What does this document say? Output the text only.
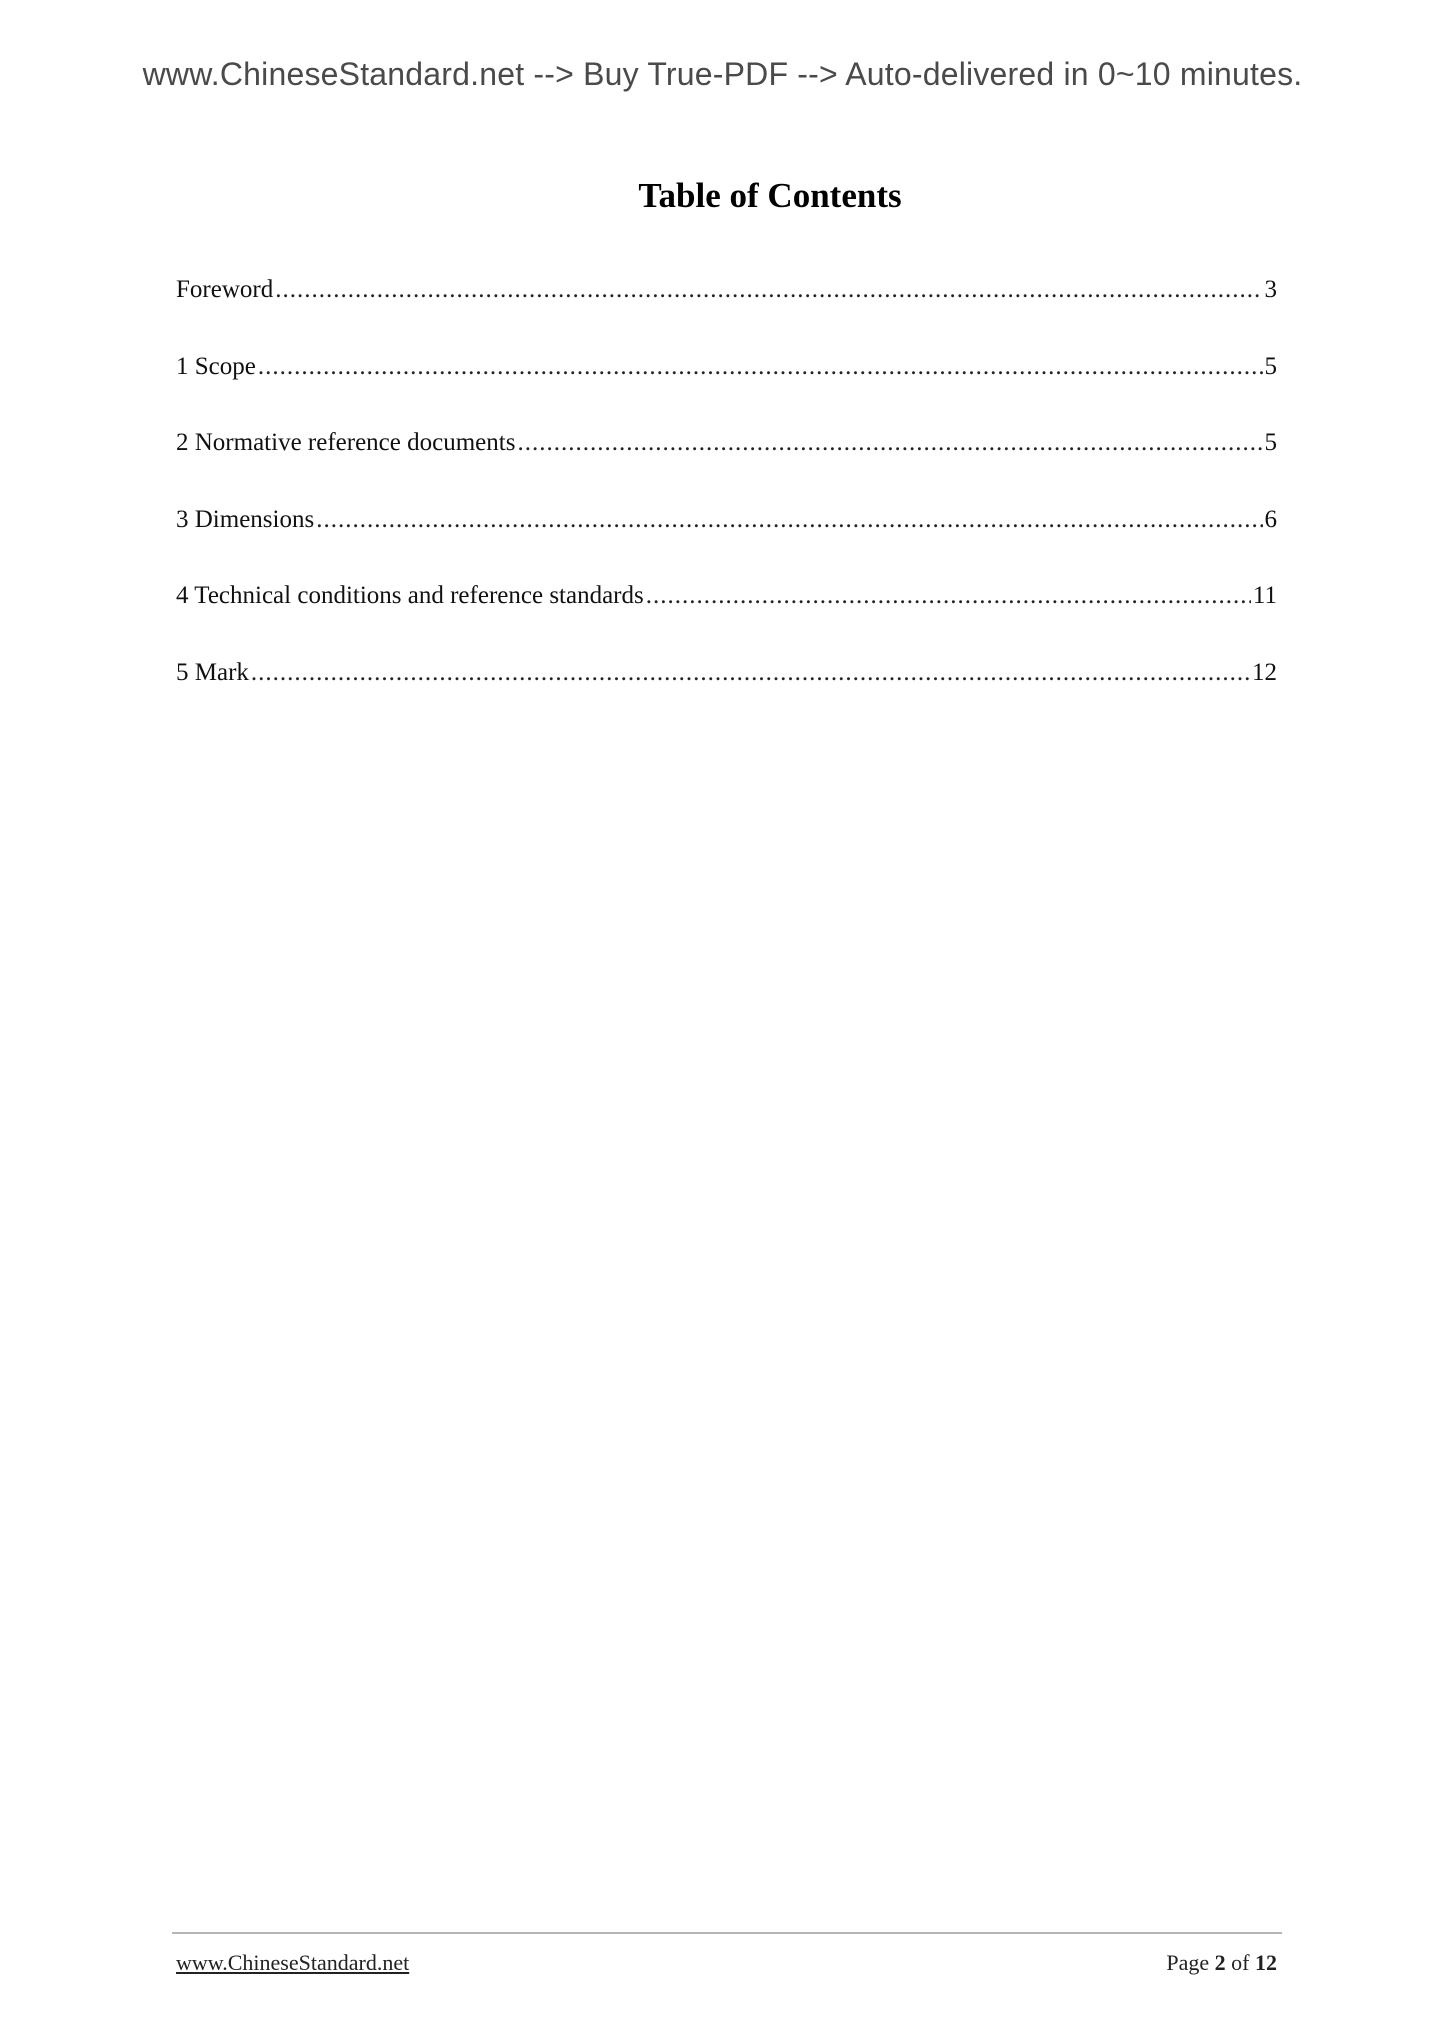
www.ChineseStandard.net --> Buy True-PDF --> Auto-delivered in 0~10 minutes.
Table of Contents
Foreword .....	3
1 Scope .....	5
2 Normative reference documents .....	5
3 Dimensions .....	6
4 Technical conditions and reference standards .....	11
5 Mark .....	12
www.ChineseStandard.net	Page 2 of 12
